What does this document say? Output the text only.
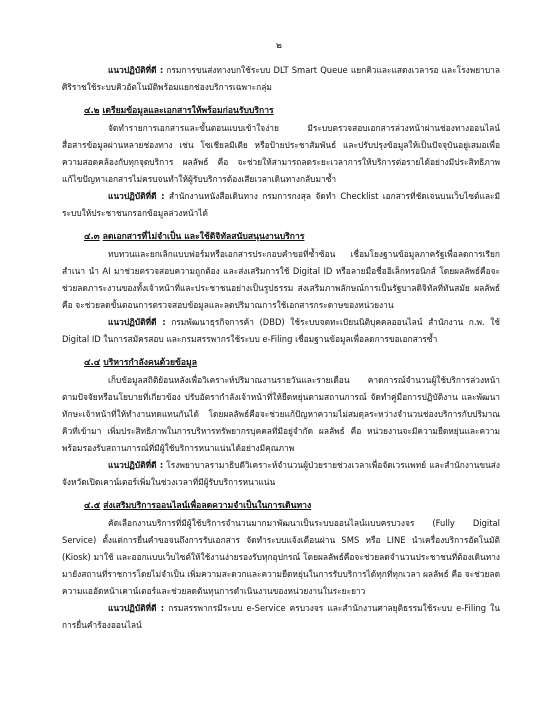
๒

แนวปฏิบัติที่ดี : กรมการขนส่งทางบกใช้ระบบ DLT Smart Queue แยกคิวและแสดงเวลารอ และโรงพยาบาลศิริราชใช้ระบบคิวอัตโนมัติพร้อมแยกช่องบริการเฉพาะกลุ่ม

๔.๒ เตรียมข้อมูลและเอกสารให้พร้อมก่อนรับบริการ

จัดทำรายการเอกสารและขั้นตอนแบบเข้าใจง่าย มีระบบตรวจสอบเอกสารล่วงหน้าผ่านช่องทางออนไลน์ สื่อสารข้อมูลผ่านหลายช่องทาง เช่น โซเชียลมีเดีย หรือป้ายประชาสัมพันธ์ และปรับปรุงข้อมูลให้เป็นปัจจุบันอยู่เสมอเพื่อความสอดคล้องกับทุกจุดบริการ ผลลัพธ์ คือ จะช่วยให้สามารถลดระยะเวลาการให้บริการต่อรายได้อย่างมีประสิทธิภาพ แก้ไขปัญหาเอกสารไม่ครบจนทำให้ผู้รับบริการต้องเสียเวลาเดินทางกลับมาซ้ำ

แนวปฏิบัติที่ดี : สำนักงานหนังสือเดินทาง กรมการกงสุล จัดทำ Checklist เอกสารที่ชัดเจนบนเว็บไซต์และมีระบบให้ประชาชนกรอกข้อมูลล่วงหน้าได้

๔.๓ ลดเอกสารที่ไม่จำเป็น และใช้ดิจิทัลสนับสนุนงานบริการ

ทบทวนและยกเลิกแบบฟอร์มหรือเอกสารประกอบคำขอที่ซ้ำซ้อน เชื่อมโยงฐานข้อมูลภาครัฐเพื่อลดการเรียกสำเนา นำ AI มาช่วยตรวจสอบความถูกต้อง และส่งเสริมการใช้ Digital ID หรือลายมือชื่ออิเล็กทรอนิกส์ โดยผลลัพธ์คือจะช่วยลดภาระงานของทั้งเจ้าหน้าที่และประชาชนอย่างเป็นรูปธรรม ส่งเสริมภาพลักษณ์การเป็นรัฐบาลดิจิทัลที่ทันสมัย ผลลัพธ์ คือ จะช่วยลดขั้นตอนการตรวจสอบข้อมูลและลดปริมาณการใช้เอกสารกระดาษของหน่วยงาน

แนวปฏิบัติที่ดี : กรมพัฒนาธุรกิจการค้า (DBD) ใช้ระบบจดทะเบียนนิติบุคคลออนไลน์ สำนักงาน ก.พ. ใช้ Digital ID ในการสมัครสอบ และกรมสรรพากรใช้ระบบ e-Filing เชื่อมฐานข้อมูลเพื่อลดการขอเอกสารซ้ำ

๔.๔ บริหารกำลังคนด้วยข้อมูล

เก็บข้อมูลสถิติย้อนหลังเพื่อวิเคราะห์ปริมาณงานรายวันและรายเดือน คาดการณ์จำนวนผู้ใช้บริการล่วงหน้าตามปัจจัยหรือนโยบายที่เกี่ยวข้อง ปรับอัตรากำลังเจ้าหน้าที่ให้ยืดหยุ่นตามสถานการณ์ จัดทำคู่มือการปฏิบัติงาน และพัฒนาทักษะเจ้าหน้าที่ให้ทำงานทดแทนกันได้ โดยผลลัพธ์คือจะช่วยแก้ปัญหาความไม่สมดุลระหว่างจำนวนช่องบริการกับปริมาณคิวที่เข้ามา เพิ่มประสิทธิภาพในการบริหารทรัพยากรบุคคลที่มีอยู่จำกัด ผลลัพธ์ คือ หน่วยงานจะมีความยืดหยุ่นและความพร้อมรองรับสถานการณ์ที่มีผู้ใช้บริการหนาแน่นได้อย่างมีคุณภาพ

แนวปฏิบัติที่ดี : โรงพยาบาลรามาธิบดีวิเคราะห์จำนวนผู้ป่วยรายช่วงเวลาเพื่อจัดเวรแพทย์ และสำนักงานขนส่งจังหวัดเปิดเคาน์เตอร์เพิ่มในช่วงเวลาที่มีผู้รับบริการหนาแน่น

๔.๕ ส่งเสริมบริการออนไลน์เพื่อลดความจำเป็นในการเดินทาง

คัดเลือกงานบริการที่มีผู้ใช้บริการจำนวนมากมาพัฒนาเป็นระบบออนไลน์แบบครบวงจร (Fully Digital Service) ตั้งแต่การยื่นคำขอจนถึงการรับเอกสาร จัดทำระบบแจ้งเตือนผ่าน SMS หรือ LINE นำเครื่องบริการอัตโนมัติ (Kiosk) มาใช้ และออกแบบเว็บไซต์ให้ใช้งานง่ายรองรับทุกอุปกรณ์ โดยผลลัพธ์คือจะช่วยลดจำนวนประชาชนที่ต้องเดินทางมายังสถานที่ราชการโดยไม่จำเป็น เพิ่มความสะดวกและความยืดหยุ่นในการรับบริการได้ทุกที่ทุกเวลา ผลลัพธ์ คือ จะช่วยลดความแออัดหน้าเคาน์เตอร์และช่วยลดต้นทุนการดำเนินงานของหน่วยงานในระยะยาว

แนวปฏิบัติที่ดี : กรมสรรพากรมีระบบ e-Service ครบวงจร และสำนักงานศาลยุติธรรมใช้ระบบ e-Filing ในการยื่นคำร้องออนไลน์
